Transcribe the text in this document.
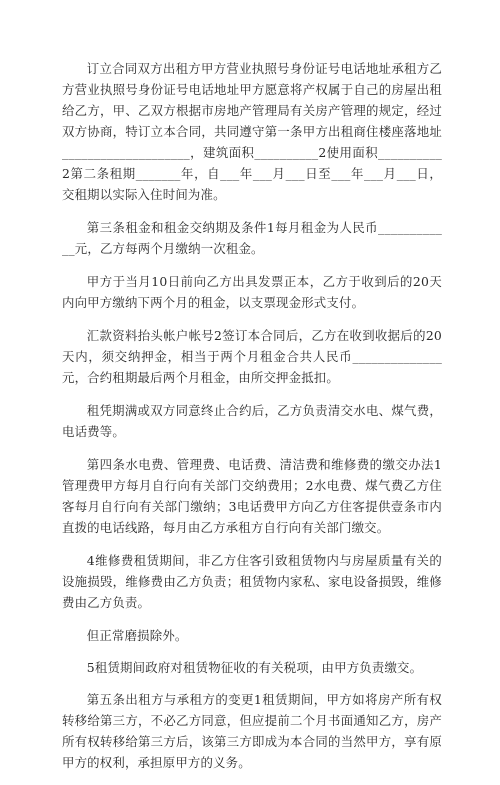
订立合同双方出租方甲方营业执照号身份证号电话地址承租方乙方营业执照号身份证号电话地址甲方愿意将产权属于自己的房屋出租给乙方，甲、乙双方根据市房地产管理局有关房产管理的规定，经过双方协商，特订立本合同，共同遵守第一条甲方出租商住楼座落地址____________________，建筑面积__________2使用面积__________2第二条租期_______年，自___年___月___日至___年___月___日，交租期以实际入住时间为准。

第三条租金和租金交纳期及条件1每月租金为人民币____________元，乙方每两个月缴纳一次租金。

甲方于当月10日前向乙方出具发票正本，乙方于收到后的20天内向甲方缴纳下两个月的租金，以支票现金形式支付。

汇款资料抬头帐户帐号2签订本合同后，乙方在收到收据后的20天内，须交纳押金，相当于两个月租金合共人民币______________元，合约租期最后两个月租金，由所交押金抵扣。

租凭期满或双方同意终止合约后，乙方负责清交水电、煤气费，电话费等。

第四条水电费、管理费、电话费、清洁费和维修费的缴交办法1管理费甲方每月自行向有关部门交纳费用；2水电费、煤气费乙方住客每月自行向有关部门缴纳；3电话费甲方向乙方住客提供壹条市内直拨的电话线路，每月由乙方承租方自行向有关部门缴交。

4维修费租赁期间，非乙方住客引致租赁物内与房屋质量有关的设施损毁，维修费由乙方负责；租赁物内家私、家电设备损毁，维修费由乙方负责。

但正常磨损除外。

5租赁期间政府对租赁物征收的有关税项，由甲方负责缴交。

第五条出租方与承租方的变更1租赁期间，甲方如将房产所有权转移给第三方，不必乙方同意，但应提前二个月书面通知乙方，房产所有权转移给第三方后，该第三方即成为本合同的当然甲方，享有原甲方的权利，承担原甲方的义务。
